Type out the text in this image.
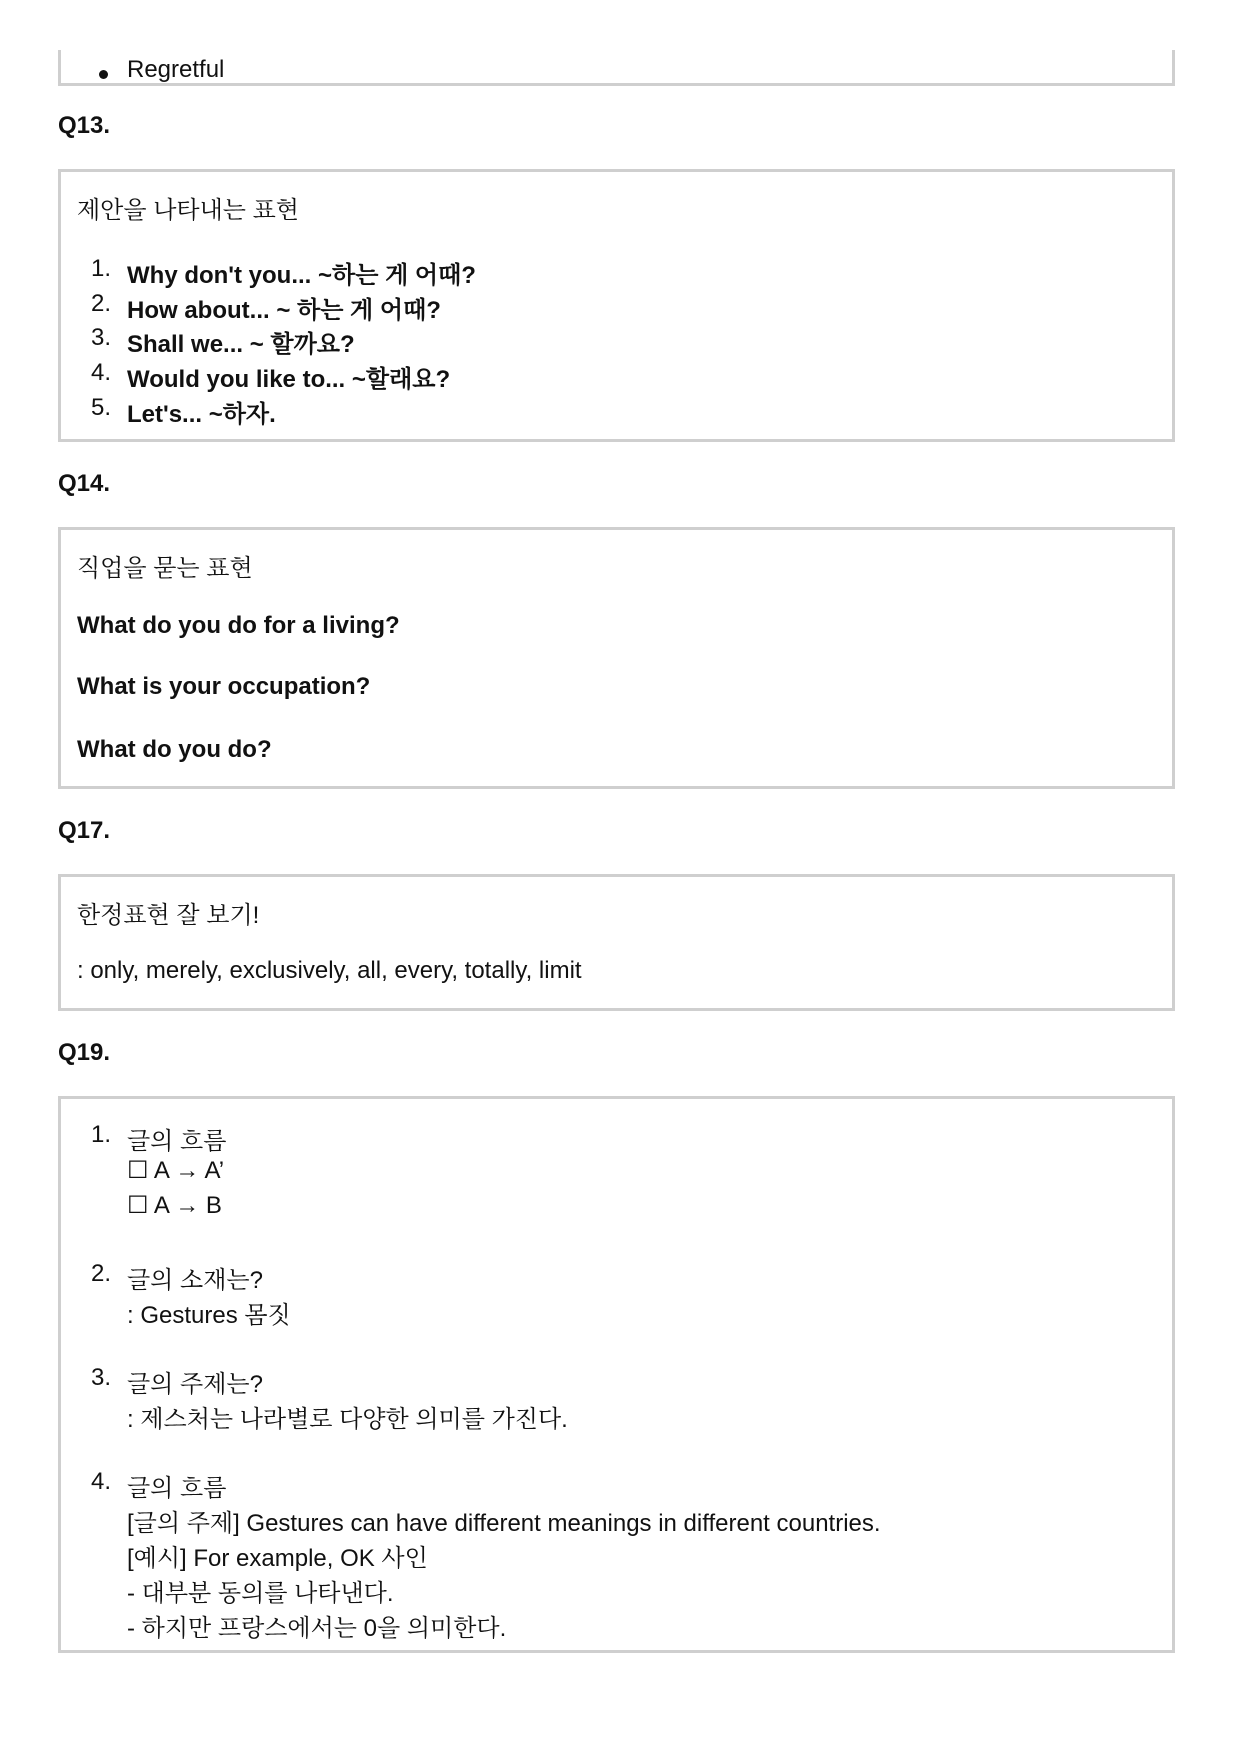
Regretful

Q13.

제안을 나타내는 표현

1. Why don't you... ~하는 게 어때?

2. How about... ~ 하는 게 어때?

3. Shall we... ~ 할까요?

4. Would you like to... ~할래요?

5. Let's... ~하자.

Q14.

직업을 묻는 표현

What do you do for a living?

What is your occupation?

What do you do?

Q17.

한정표현 잘 보기!

: only, merely, exclusively, all, every, totally, limit

Q19.

1. 글의 흐름

☐ A → A’

☐ A → B

2. 글의 소재는?

: Gestures 몸짓

3. 글의 주제는?

: 제스처는 나라별로 다양한 의미를 가진다.

4. 글의 흐름

[글의 주제] Gestures can have different meanings in different countries.

[예시] For example, OK 사인

- 대부분 동의를 나타낸다.

- 하지만 프랑스에서는 0을 의미한다.
